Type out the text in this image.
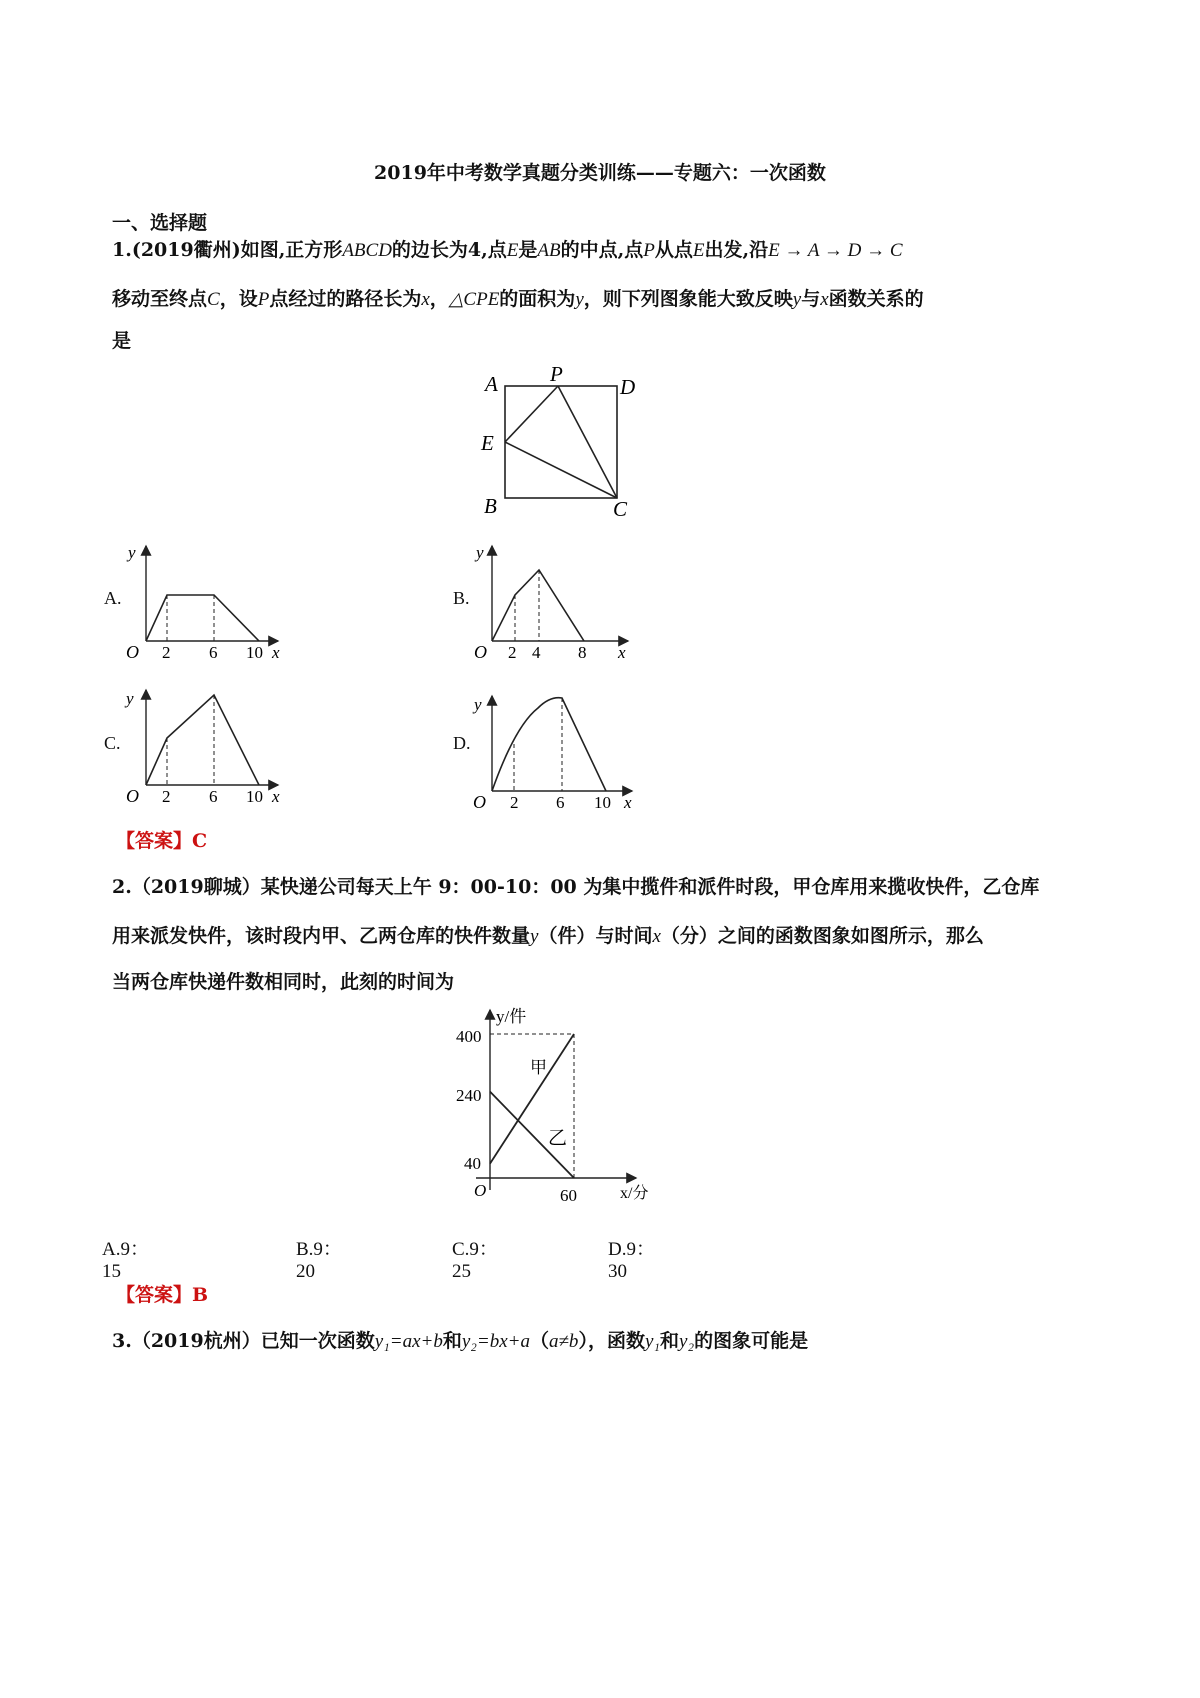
2019年中考数学真题分类训练——专题六：一次函数
一、选择题
1.(2019衢州)如图,正方形ABCD的边长为4,点E是AB的中点,点P从点E出发,沿E → A → D → C
移动至终点C，设P点经过的路径长为x，△CPE的面积为y，则下列图象能大致反映y与x函数关系的
是
A P
D
E
B	C
A.
O
y
x
2 6 10
B.
O
y
x
2 4 8
C.
O
y
x
2 6 10
D.
O
y
x
2 6 10
【答案】C
2.（2019聊城）某快递公司每天上午 9：00-10：00 为集中揽件和派件时段，甲仓库用来揽收快件，乙仓库
用来派发快件，该时段内甲、乙两仓库的快件数量y（件）与时间x（分）之间的函数图象如图所示，那么
当两仓库快递件数相同时，此刻的时间为
y/件
x/分
O
400
240
40
60
甲
乙
A.9：15
B.9：20
C.9：25
D.9：30
【答案】B
3.（2019杭州）已知一次函数y₁=ax+b和y₂=bx+a（a≠b），函数y₁和y₂的图象可能是
